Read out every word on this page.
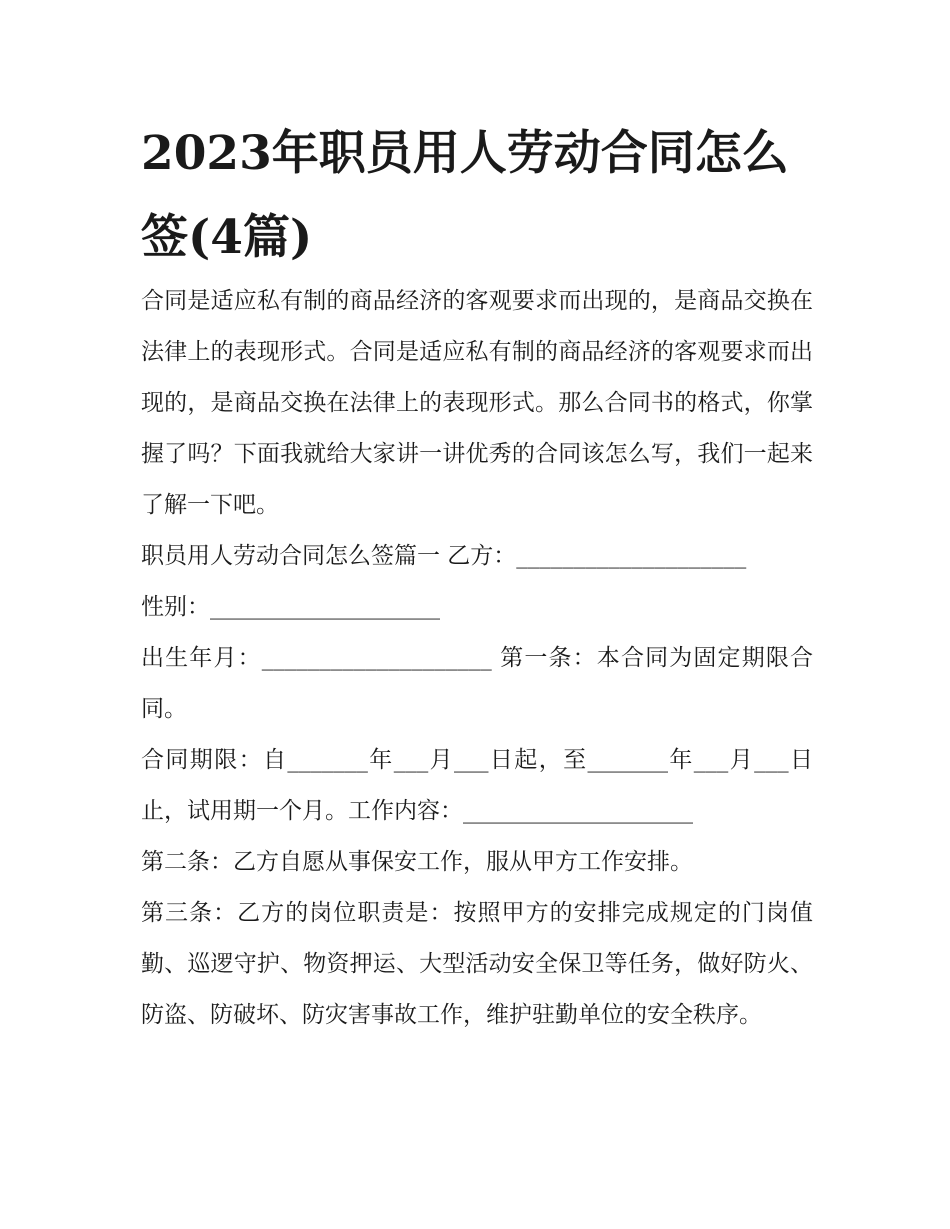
2023年职员用人劳动合同怎么签(4篇)

合同是适应私有制的商品经济的客观要求而出现的，是商品交换在法律上的表现形式。合同是适应私有制的商品经济的客观要求而出现的，是商品交换在法律上的表现形式。那么合同书的格式，你掌握了吗？下面我就给大家讲一讲优秀的合同该怎么写，我们一起来了解一下吧。

职员用人劳动合同怎么签篇一 乙方：____________________

性别：____________________

出生年月：____________________ 第一条：本合同为固定期限合同。

合同期限：自_______年___月___日起，至_______年___月___日止，试用期一个月。工作内容：____________________

第二条：乙方自愿从事保安工作，服从甲方工作安排。

第三条：乙方的岗位职责是：按照甲方的安排完成规定的门岗值勤、巡逻守护、物资押运、大型活动安全保卫等任务，做好防火、防盗、防破坏、防灾害事故工作，维护驻勤单位的安全秩序。
